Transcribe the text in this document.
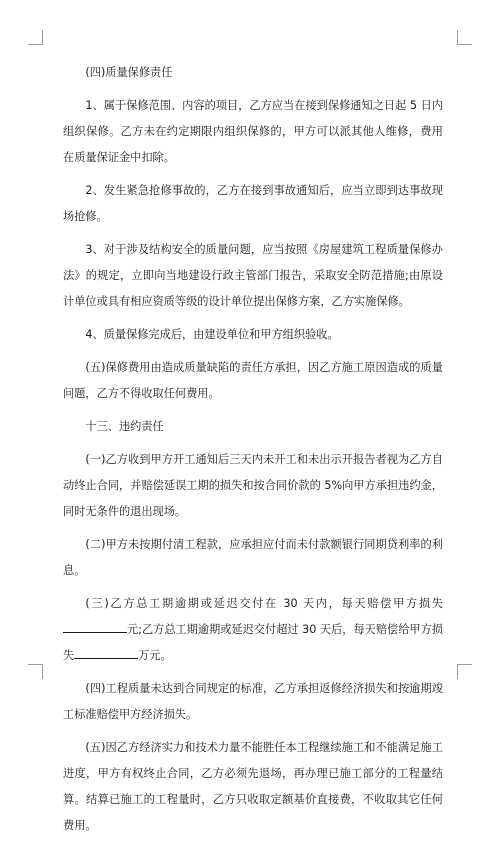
(四)质量保修责任

1、属于保修范围、内容的项目，乙方应当在接到保修通知之日起 5 日内组织保修。乙方未在约定期限内组织保修的，甲方可以派其他人维修，费用在质量保证金中扣除。

2、发生紧急抢修事故的，乙方在接到事故通知后，应当立即到达事故现场抢修。

3、对于涉及结构安全的质量问题，应当按照《房屋建筑工程质量保修办法》的规定，立即向当地建设行政主管部门报告，采取安全防范措施;由原设计单位或具有相应资质等级的设计单位提出保修方案，乙方实施保修。

4、质量保修完成后，由建设单位和甲方组织验收。

(五)保修费用由造成质量缺陷的责任方承担，因乙方施工原因造成的质量问题，乙方不得收取任何费用。

十三、违约责任

(一)乙方收到甲方开工通知后三天内未开工和未出示开报告者视为乙方自动终止合同，并赔偿延误工期的损失和按合同价款的 5%向甲方承担违约金，同时无条件的退出现场。

(二)甲方未按期付清工程款，应承担应付而未付款额银行同期贷利率的利息。

(三)乙方总工期逾期或延迟交付在 30 天内，每天赔偿甲方损失元;乙方总工期逾期或延迟交付超过 30 天后，每天赔偿给甲方损失	万元。

(四)工程质量未达到合同规定的标准，乙方承担返修经济损失和按逾期竣工标准赔偿甲方经济损失。

(五)因乙方经济实力和技术力量不能胜任本工程继续施工和不能满足施工进度，甲方有权终止合同，乙方必须先退场，再办理已施工部分的工程量结算。结算已施工的工程量时，乙方只收取定额基价直接费，不收取其它任何费用。
